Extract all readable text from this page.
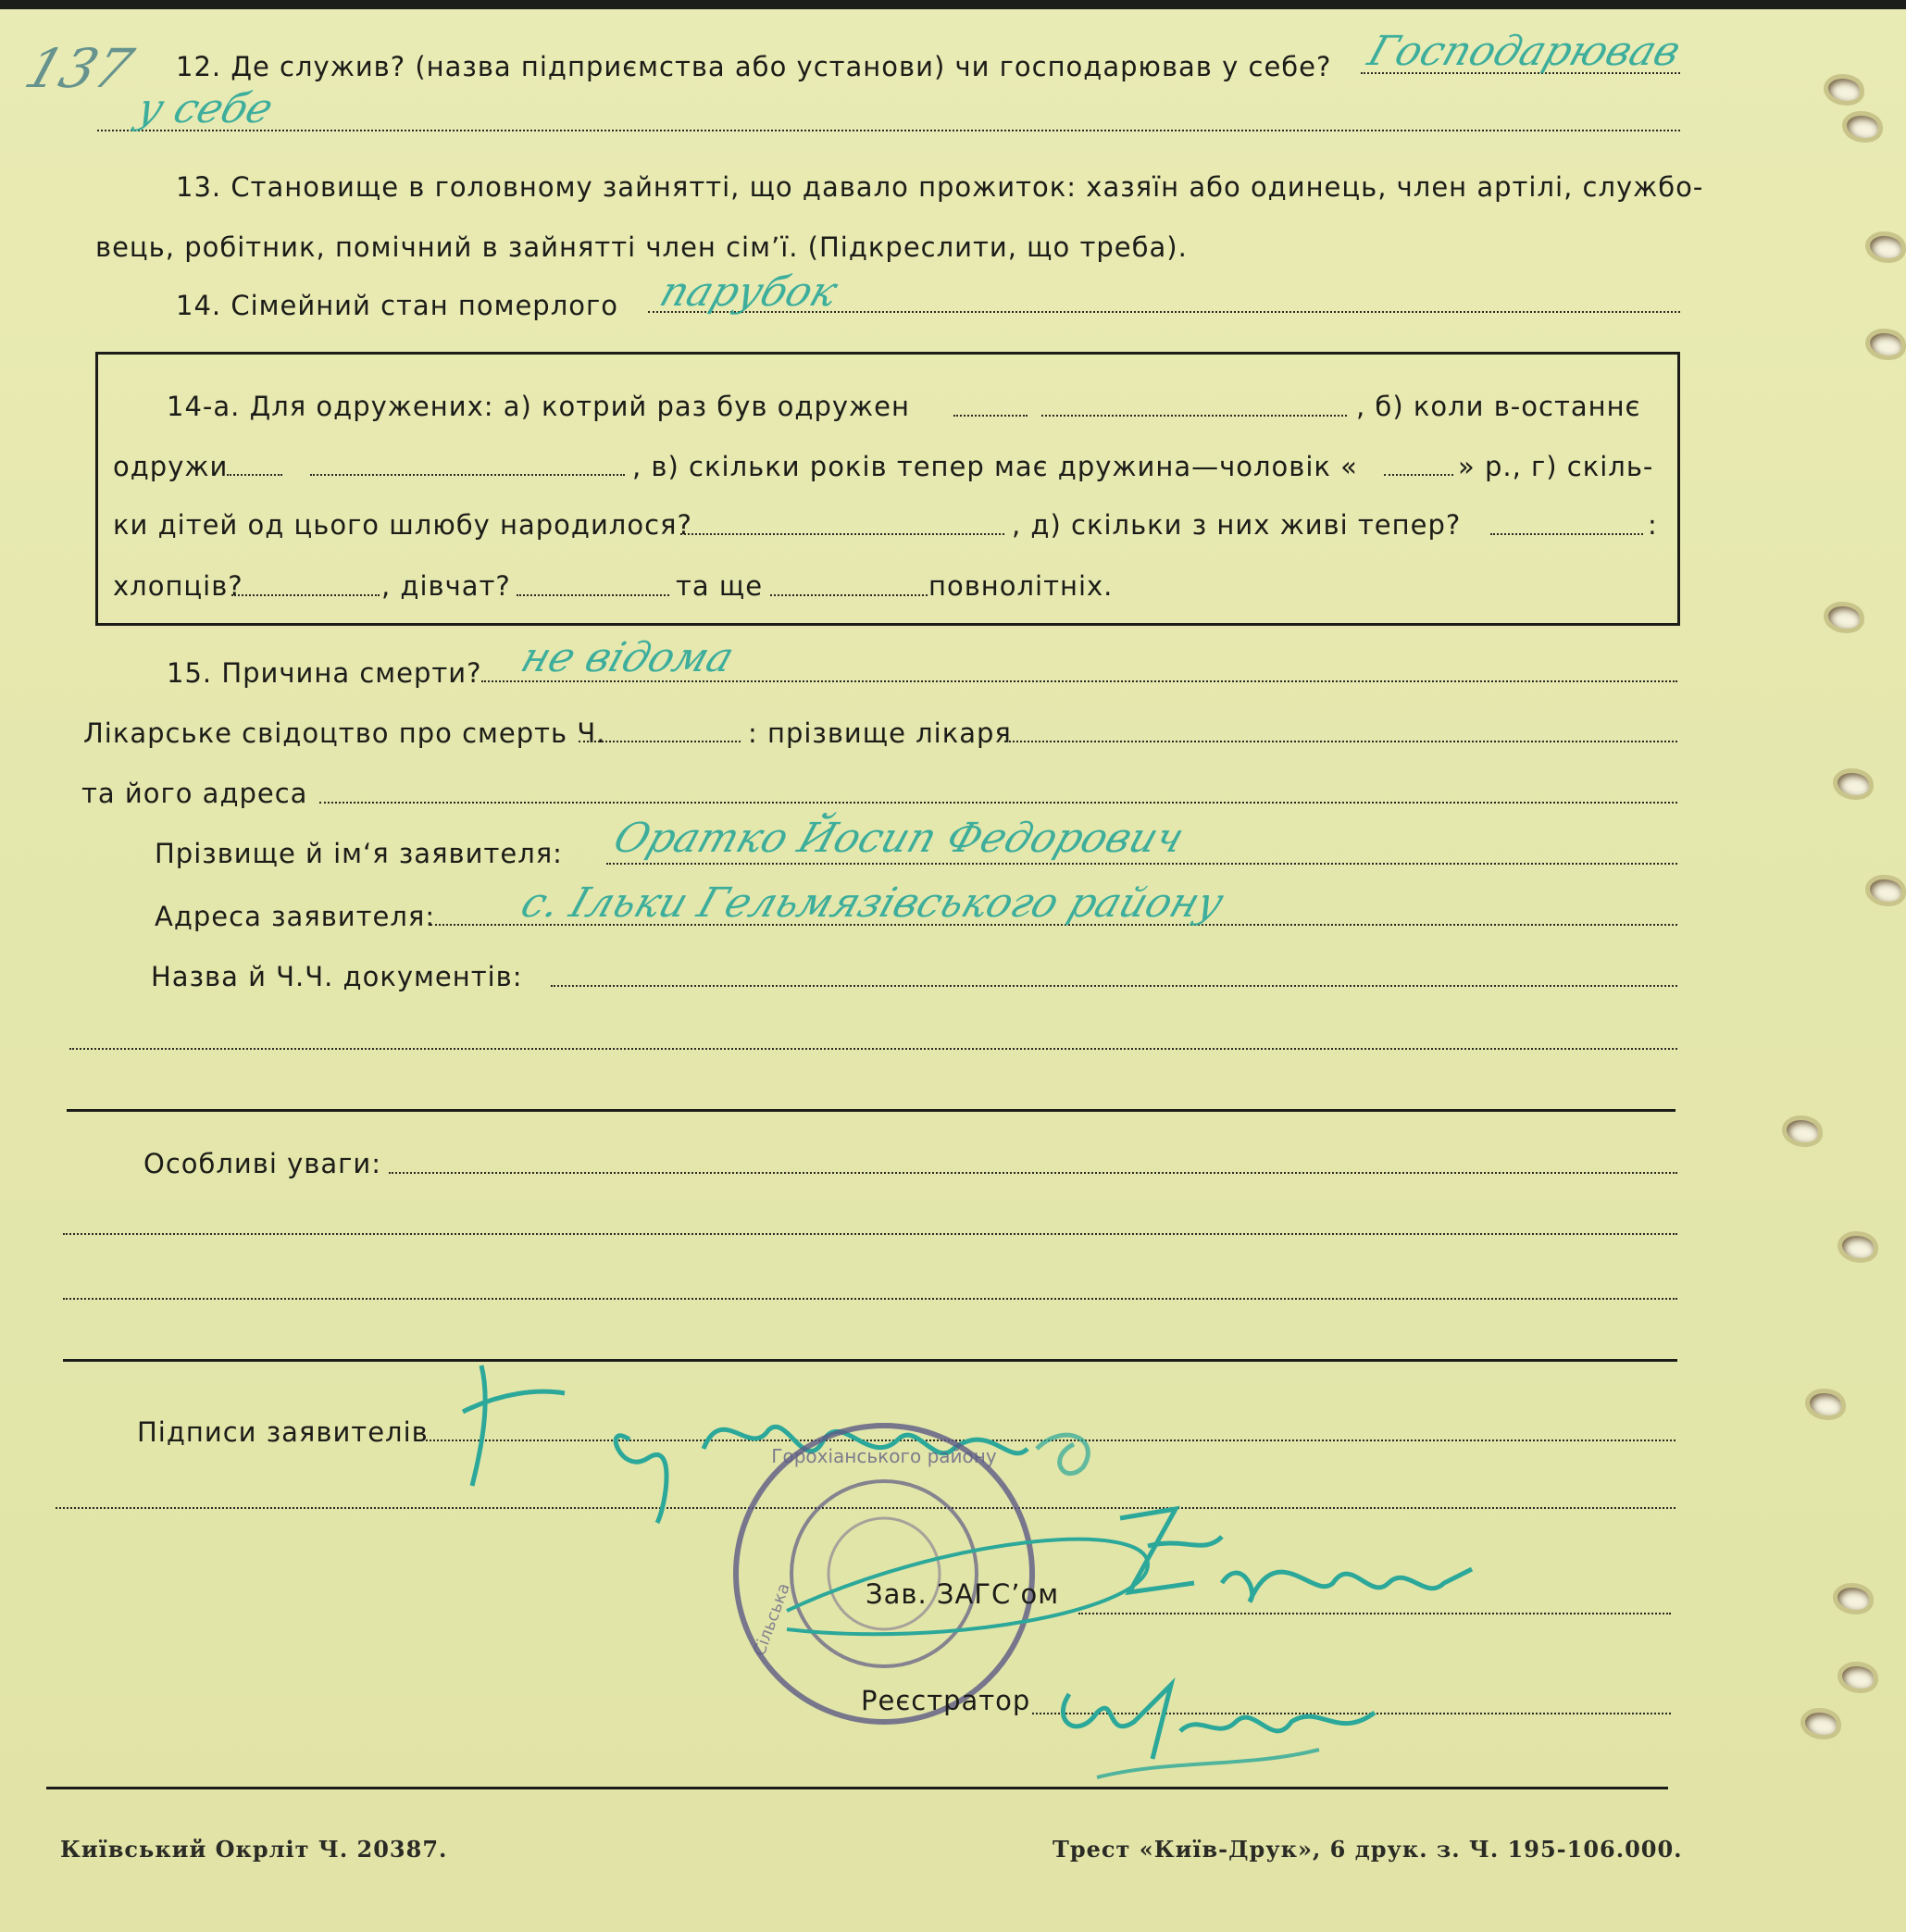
137 12. Де служив? (назва підприємства або установи) чи господарював у себе? Господарював
у себе
13. Становище в головному зайнятті, що давало прожиток: хазяїн або одинець, член артілі, службо-
вець, робітник, помічний в зайнятті член сім’ї. (Підкреслити, що треба).
14. Сімейний стан померлого парубок
14-а. Для одружених: а) котрий раз був одружен	, б) коли в-останнє
одружи	, в) скільки років тепер має дружина—чоловік «	» р., г) скіль-
ки дітей од цього шлюбу народилося?	, д) скільки з них живі тепер?	:
хлопців?	, дівчат?	та ще	повнолітніх.
15. Причина смерти? не відома
Лікарське свідоцтво про смерть Ч.	: прізвище лікаря
та його адреса
Прізвище й ім‘я заявителя: Оратко Йосип Федорович
Адреса заявителя: с. Ільки Гельмязівського району
Назва й Ч.Ч. документів:
Особливі уваги:
Підписи заявителів
Горохіанського району
Сільська	Зав. ЗАГС’ом
Реєстратор
Київський Окрліт Ч. 20387.	Трест «Київ-Друк», 6 друк. з. Ч. 195-106.000.
